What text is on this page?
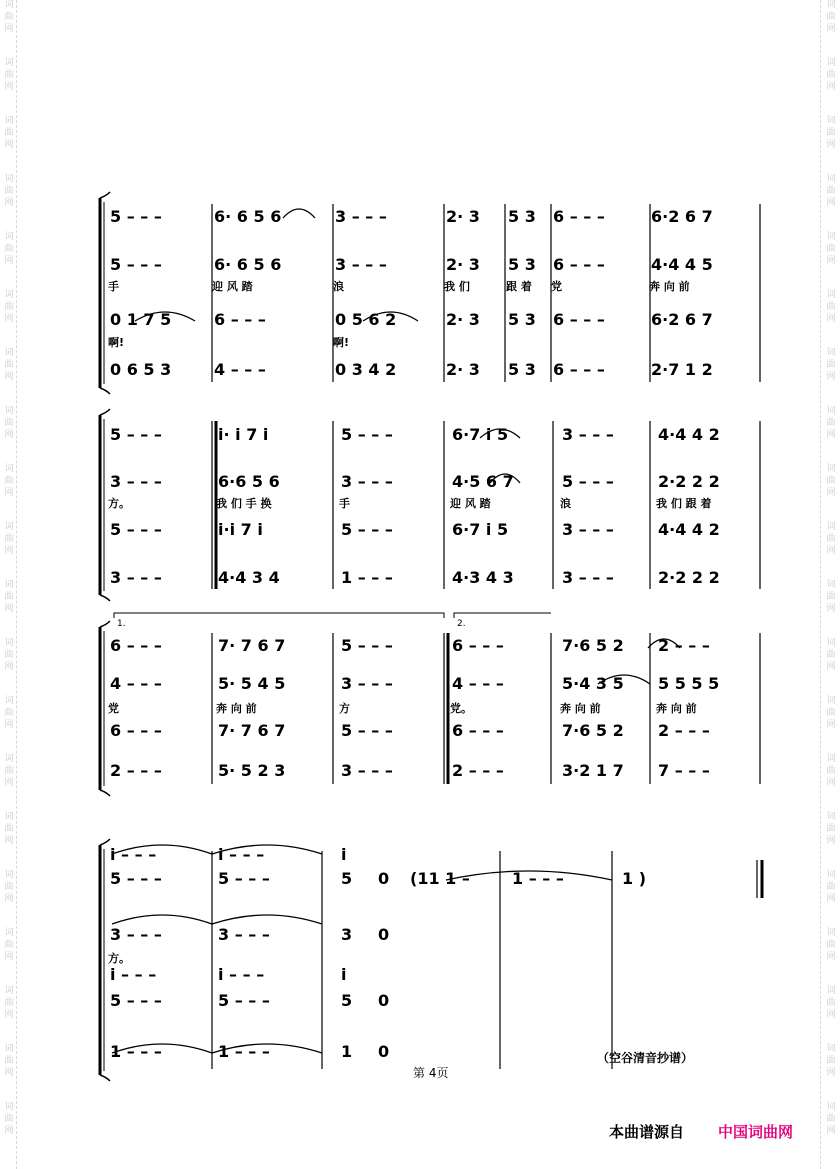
词
曲
网
词
曲
网
词
曲
网
词
曲
网
词
曲
网
词
曲
网
词
曲
网
词
曲
网
词
曲
网
词
曲
网
词
曲
网
词
曲
网
词
曲
网
词
曲
网
词
曲
网
词
曲
网
词
曲
网
词
曲
网
词
曲
网
词
曲
网
词
曲
网
词
曲
网
词
曲
网
词
曲
网
词
曲
网
词
曲
网
词
曲
网
词
曲
网
词
曲
网
词
曲
网
词
曲
网
词
曲
网
词
曲
网
词
曲
网
词
曲
网
词
曲
网
词
曲
网
词
曲
网
词
曲
网
词
曲
网
5 – – –	6· 6 5 6	3 – – –	2· 3 5 3 6 – – –	6·2 6 7
5 – – –	6· 6 5 6	3 – – –	2· 3 5 3 6 – – –	4·4 4 5
手	迎 风 踏	浪	我 们	跟 着 党	奔 向 前
0 1 7 5	6 – – –	0 5 6 2	2· 3 5 3 6 – – –	6·2 6 7
啊!	啊!
0 6 5 3	4 – – –	0 3 4 2	2· 3 5 3 6 – – –	2·7 1 2
5 – – –	i· i 7 i	5 – – –	6·7 i 5	3 – – –	4·4 4 2
3 – – –	6·6 5 6	3 – – –	4·5 6 7	5 – – –	2·2 2 2
方。	我 们 手 换	手	迎 风 踏	浪	我 们 跟 着
5 – – –	i·i 7 i	5 – – –	6·7 i 5	3 – – –	4·4 4 2
3 – – –	4·4 3 4	1 – – –	4·3 4 3	3 – – –	2·2 2 2
1.	2.
6 – – –	7· 7 6 7	5 – – –	6 – – –	7·6 5 2 2 – – –
4 – – –	5· 5 4 5	3 – – –	4 – – –	5·4 3 5 5 5 5 5
党	奔 向 前	方	党。	奔 向 前	奔 向 前
6 – – –	7· 7 6 7	5 – – –	6 – – –	7·6 5 2 2 – – –
2 – – –	5· 5 2 3	3 – – –	2 – – –	3·2 1 7 7 – – –
i – – –	i – – –	i
5 – – –	5 – – –	5 0 (11 1 –	1 – – –	1 )
3 – – –	3 – – –	3 0
方。
i – – –	i – – –	i
5 – – –	5 – – –	5 0
1 – – –	1 – – –	1 0	（空谷清音抄谱）
第 4页
本曲谱源自 中国词曲网
